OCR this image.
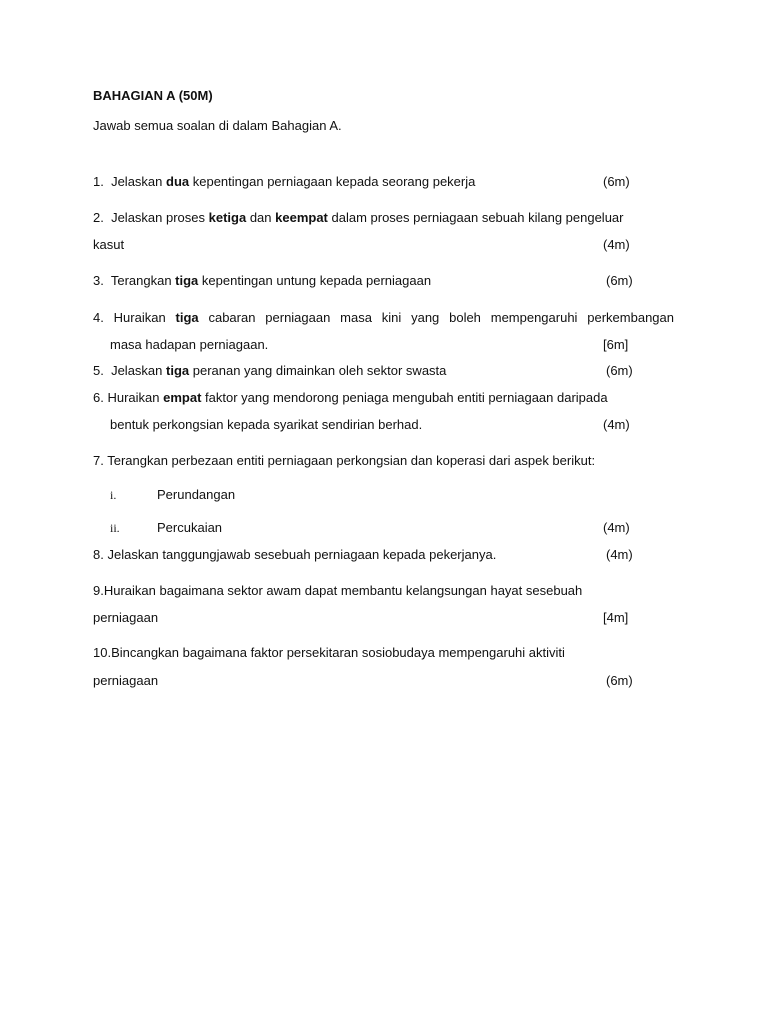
BAHAGIAN A (50M)
Jawab semua soalan di dalam Bahagian A.
1. Jelaskan dua kepentingan perniagaan kepada seorang pekerja	(6m)
2. Jelaskan proses ketiga dan keempat dalam proses perniagaan sebuah kilang pengeluar
kasut	(4m)
3. Terangkan tiga kepentingan untung kepada perniagaan	(6m)
4. Huraikan tiga cabaran perniagaan masa kini yang boleh mempengaruhi perkembangan
masa hadapan perniagaan.	[6m]
5. Jelaskan tiga peranan yang dimainkan oleh sektor swasta	(6m)
6. Huraikan empat faktor yang mendorong peniaga mengubah entiti perniagaan daripada
bentuk perkongsian kepada syarikat sendirian berhad.	(4m)
7. Terangkan perbezaan entiti perniagaan perkongsian dan koperasi dari aspek berikut:
i.	Perundangan
ii.	Percukaian	(4m)
8. Jelaskan tanggungjawab sesebuah perniagaan kepada pekerjanya.	(4m)
9.Huraikan bagaimana sektor awam dapat membantu kelangsungan hayat sesebuah
perniagaan	[4m]
10.Bincangkan bagaimana faktor persekitaran sosiobudaya mempengaruhi aktiviti
perniagaan	(6m)
